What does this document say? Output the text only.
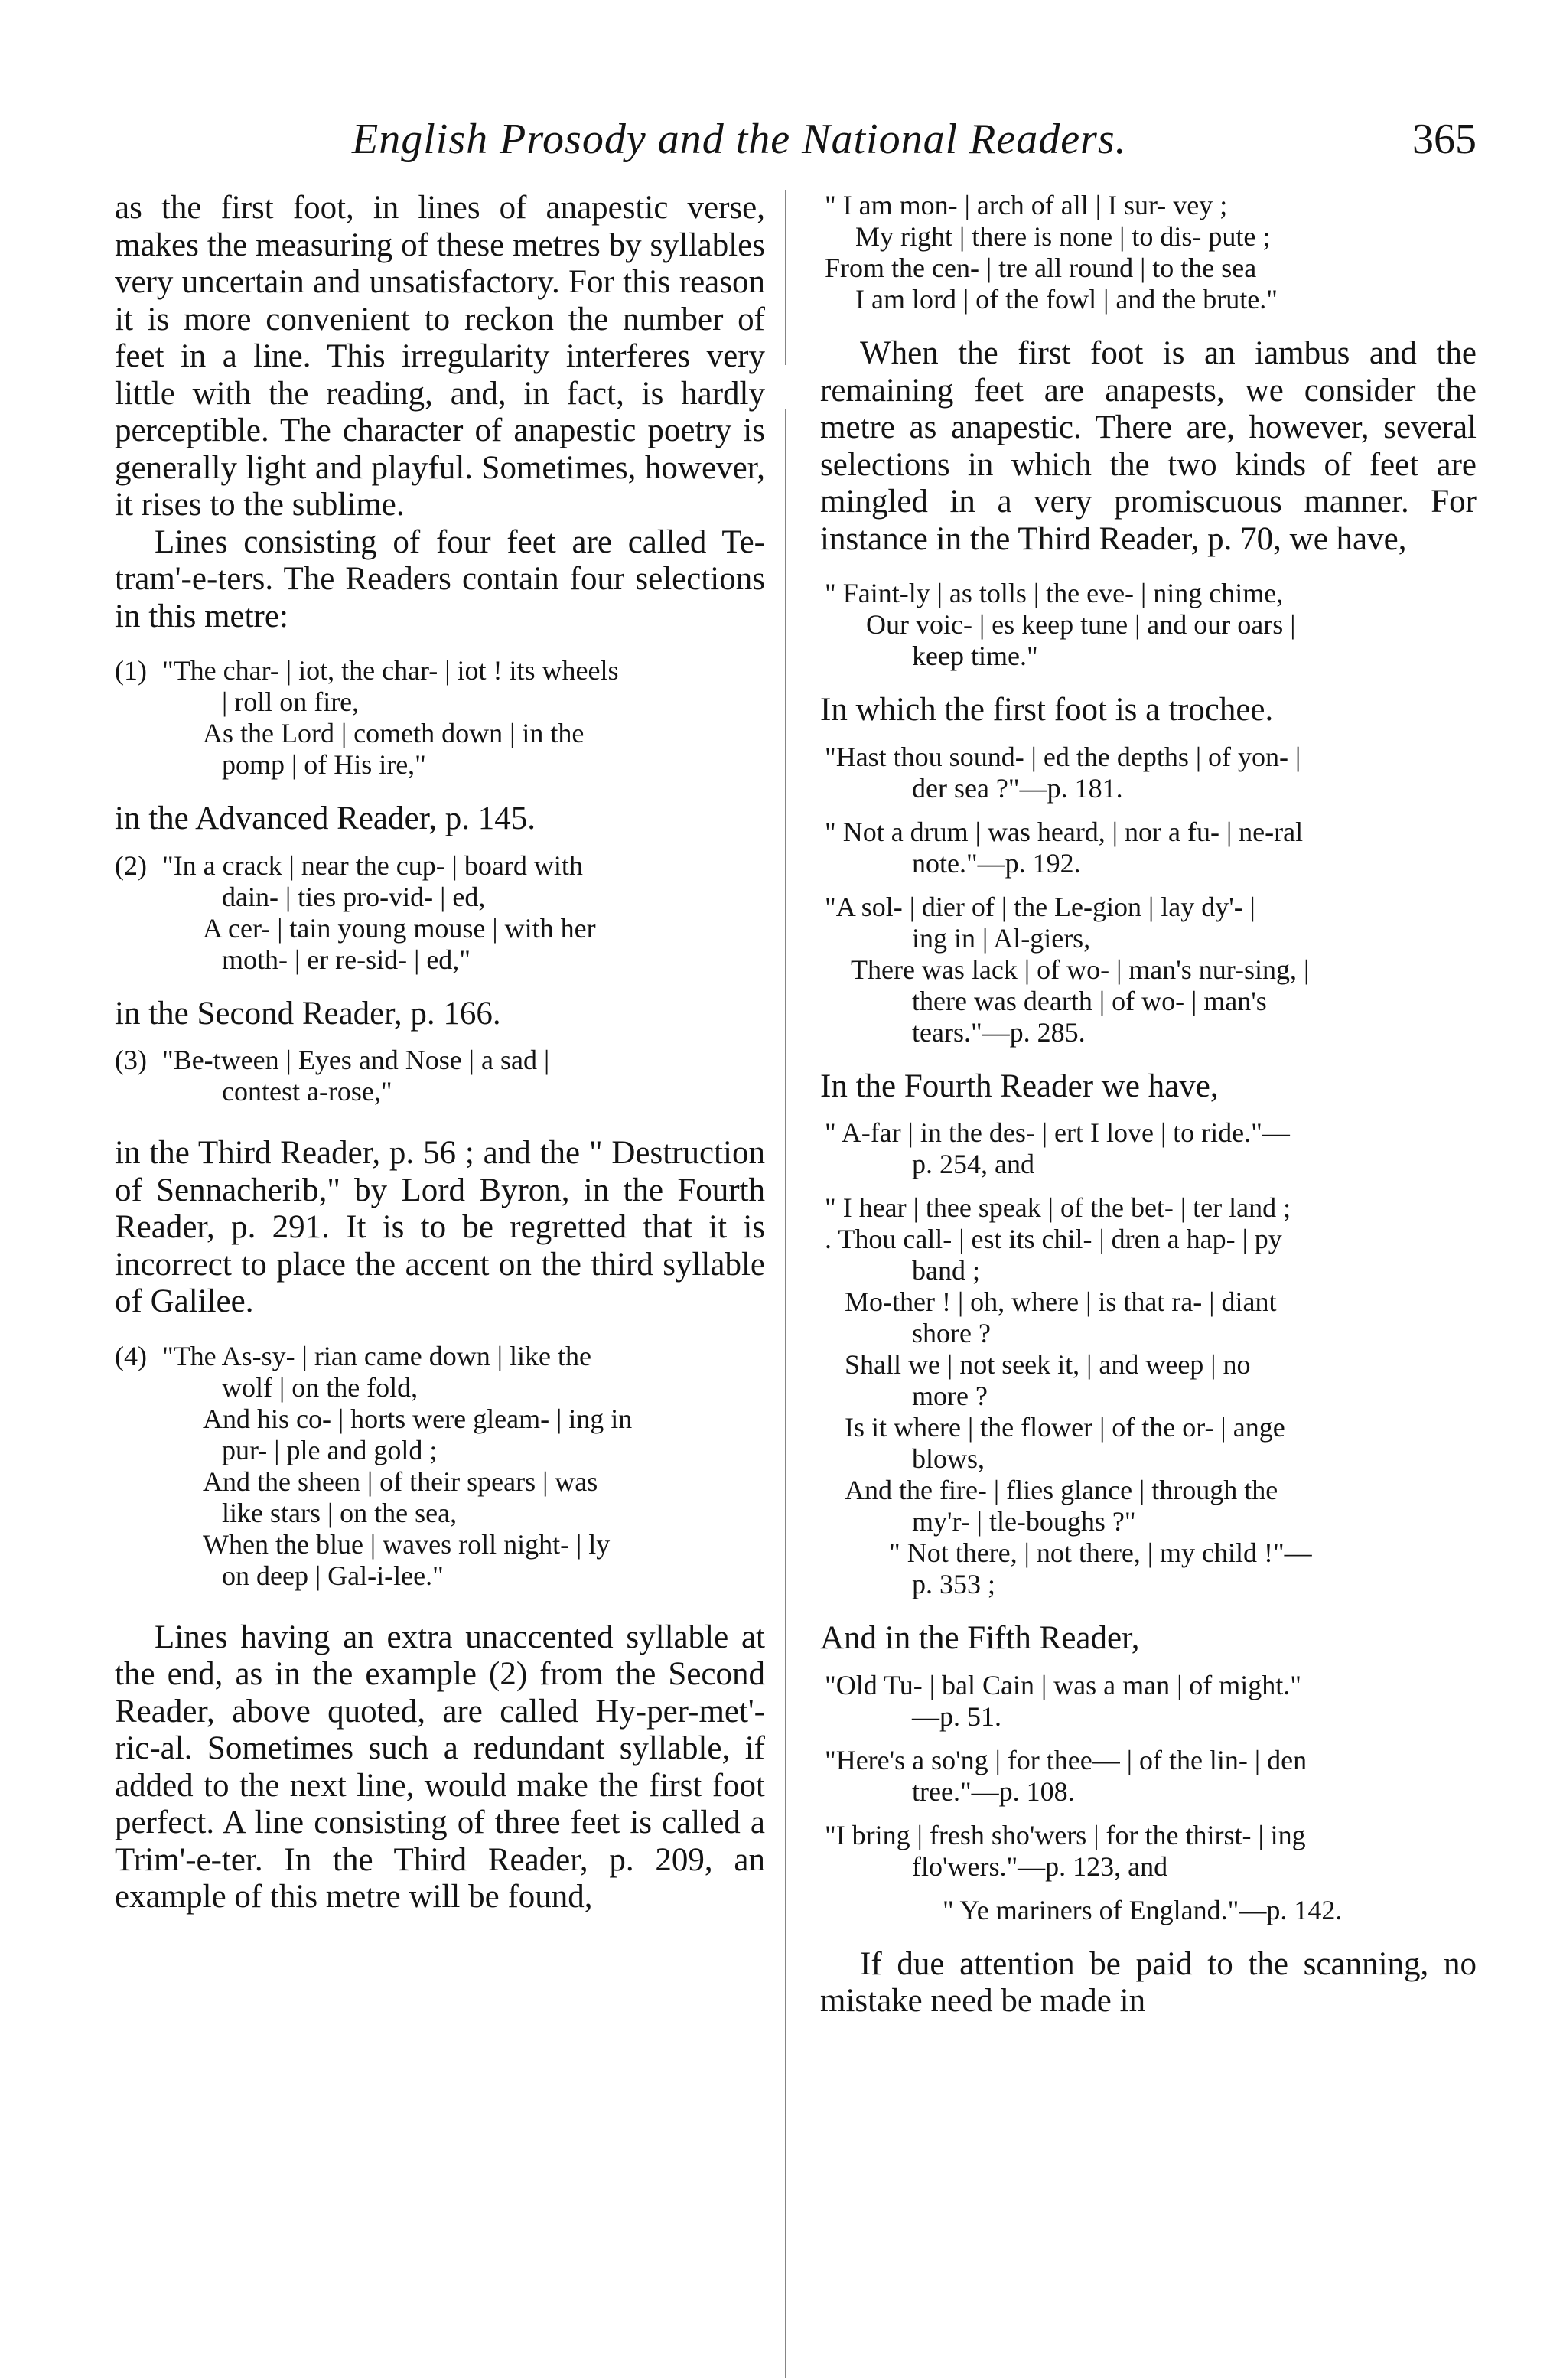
English Prosody and the National Readers.	365

as the first foot, in lines of anapestic verse, makes the measuring of these metres by syllables very uncertain and unsatisfactory. For this reason it is more convenient to reckon the number of feet in a line. This irregularity interferes very little with the reading, and, in fact, is hardly perceptible. The character of anapestic poetry is generally light and playful. Sometimes, however, it rises to the sublime.

Lines consisting of four feet are called Te-tram'-e-ters. The Readers contain four selections in this metre:

(1) "The char- | iot, the char- | iot ! its wheels

| roll on fire,

As the Lord | cometh down | in the

pomp | of His ire,"

in the Advanced Reader, p. 145.

(2) "In a crack | near the cup- | board with

dain- | ties pro-vid- | ed,

A cer- | tain young mouse | with her

moth- | er re-sid- | ed,"

in the Second Reader, p. 166.

(3) "Be-tween | Eyes and Nose | a sad |

contest a-rose,"

in the Third Reader, p. 56 ; and the " Destruction of Sennacherib," by Lord Byron, in the Fourth Reader, p. 291. It is to be regretted that it is incorrect to place the accent on the third syllable of Galilee.

(4) "The As-sy- | rian came down | like the

wolf | on the fold,

And his co- | horts were gleam- | ing in

pur- | ple and gold ;

And the sheen | of their spears | was

like stars | on the sea,

When the blue | waves roll night- | ly

on deep | Gal-i-lee."

Lines having an extra unaccented syllable at the end, as in the example (2) from the Second Reader, above quoted, are called Hy-per-met'-ric-al. Sometimes such a redundant syllable, if added to the next line, would make the first foot perfect. A line consisting of three feet is called a Trim'-e-ter. In the Third Reader, p. 209, an example of this metre will be found,

" I am mon- | arch of all | I sur- vey ;

My right | there is none | to dis- pute ;

From the cen- | tre all round | to the sea

I am lord | of the fowl | and the brute."

When the first foot is an iambus and the remaining feet are anapests, we consider the metre as anapestic. There are, however, several selections in which the two kinds of feet are mingled in a very promiscuous manner. For instance in the Third Reader, p. 70, we have,

" Faint-ly | as tolls | the eve- | ning chime,

Our voic- | es keep tune | and our oars |

keep time."

In which the first foot is a trochee.

"Hast thou sound- | ed the depths | of yon- |

der sea ?"—p. 181.

" Not a drum | was heard, | nor a fu- | ne-ral

note."—p. 192.

"A sol- | dier of | the Le-gion | lay dy'- |

ing in | Al-giers,

There was lack | of wo- | man's nur-sing, |

there was dearth | of wo- | man's

tears."—p. 285.

In the Fourth Reader we have,

" A-far | in the des- | ert I love | to ride."—

p. 254, and

" I hear | thee speak | of the bet- | ter land ;

. Thou call- | est its chil- | dren a hap- | py

band ;

Mo-ther ! | oh, where | is that ra- | diant

shore ?

Shall we | not seek it, | and weep | no

more ?

Is it where | the flower | of the or- | ange

blows,

And the fire- | flies glance | through the

my'r- | tle-boughs ?"

" Not there, | not there, | my child !"—

p. 353 ;

And in the Fifth Reader,

"Old Tu- | bal Cain | was a man | of might."

—p. 51.

"Here's a so'ng | for thee— | of the lin- | den

tree."—p. 108.

"I bring | fresh sho'wers | for the thirst- | ing

flo'wers."—p. 123, and

" Ye mariners of England."—p. 142.

If due attention be paid to the scanning, no mistake need be made in
